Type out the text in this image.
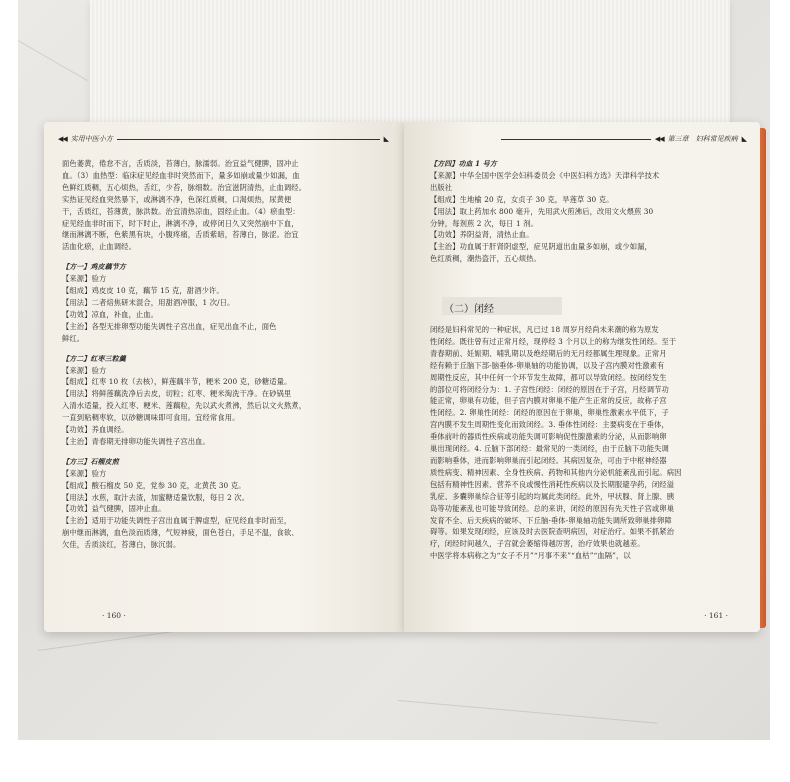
◀◀ 实用中医小方	◣
面色萎黄，倦怠不言，舌质淡，苔薄白，脉濡弱。治宜益气健脾，固冲止
血。（3）血热型：临床症见经血非时突然而下，量多如崩或量少如漏，血
色鲜红质稠，五心烦热，舌红，少苔，脉细数。治宜滋阴清热，止血调经。
实热证见经血突然暴下，或淋漓不净，色深红质稠，口渴烦热，尿黄便
干，舌质红，苔薄黄，脉洪数。治宜清热凉血，固经止血。（4）瘀血型：
症见经血非时而下，时下时止，淋漓不净，或停闭日久又突然崩中下血，
继而淋漓不断，色紫黑有块，小腹疼痛，舌质紫暗，苔薄白，脉涩。治宜
活血化瘀，止血调经。
【方一】鸡皮藕节方
【来源】验方
【组成】鸡皮皮 10 克，藕节 15 克，甜酒少许。
【用法】二者焙焦研末混合，用甜酒冲服，1 次/日。
【功效】凉血，补血，止血。
【主治】各型无排卵型功能失调性子宫出血，症见出血不止，面色
鲜红。
【方二】红枣三粒羹
【来源】验方
【组成】红枣 10 枚（去核），鲜莲藕半节，粳米 200 克，砂糖适量。
【用法】将鲜莲藕洗净后去皮，切粒；红枣、粳米淘洗干净。在砂锅里
入清水适量，投入红枣、粳米、莲藕粒，先以武火煮沸，然后以文火熬煮，
一直到粘稠枣软，以砂糖调味即可食用。宜经常食用。
【功效】养血调经。
【主治】青春期无排卵功能失调性子宫出血。
【方三】石榴皮煎
【来源】验方
【组成】酸石榴皮 50 克，党参 30 克，北黄芪 30 克。
【用法】水煎，取汁去渣，加蜜糖适量饮服，每日 2 次。
【功效】益气健脾，固冲止血。
【主治】适用于功能失调性子宫出血属于脾虚型，症见经血非时而至，
崩中继而淋漓，血色淡而质薄，气短神疲，面色苍白，手足不温，食欲、
欠佳，舌质淡红，苔薄白，脉沉弱。
· 160 ·
◀◀ 第三章　妇科常见疾病 ◣
【方四】功血 1 号方
【来源】中华全国中医学会妇科委员会《中医妇科方选》天津科学技术
出版社
【组成】生地榆 20 克，女贞子 30 克，旱莲草 30 克。
【用法】取上药加水 800 毫升，先用武火煎沸后，改用文火煨煎 30
分钟，每剂煎 2 次，每日 1 剂。
【功效】养阴益肾，清热止血。
【主治】功血属于肝肾阴虚型，症见阴道出血量多如崩，或少如漏，
色红质稠，潮热盗汗，五心烦热。
（二）闭经
闭经是妇科常见的一种症状，凡已过 18 周岁月经尚未来潮的称为原发
性闭经。既往曾有过正常月经，现停经 3 个月以上的称为继发性闭经。至于
青春期前、妊娠期、哺乳期以及绝经期后的无月经都属生理现象。正常月
经有赖于丘脑下部-脑垂体-卵巢轴的功能协调，以及子宫内膜对性激素有
周期性反应，其中任何一个环节发生故障，都可以导致闭经。按闭经发生
的部位可将闭经分为：1. 子宫性闭经：闭经的原因在于子宫，月经调节功
能正常，卵巢有功能，但子宫内膜对卵巢不能产生正常的反应，故称子宫
性闭经。2. 卵巢性闭经：闭经的原因在于卵巢，卵巢性激素水平低下，子
宫内膜不发生周期性变化而致闭经。3. 垂体性闭经：主要病变在于垂体，
垂体前叶的器质性疾病或功能失调可影响促性腺激素的分泌，从而影响卵
巢出现闭经。4. 丘脑下部闭经：最常见的一类闭经，由于丘脑下功能失调
而影响垂体，进而影响卵巢而引起闭经。其病因复杂，可由于中枢神经器
质性病变、精神因素、全身性疾病、药物和其他内分泌机能紊乱而引起。病因
包括有精神性因素、营养不良或慢性消耗性疾病以及长期服避孕药，闭经溢
乳症、多囊卵巢综合征等引起的均属此类闭经。此外，甲状腺、肾上腺、胰
岛等功能紊乱也可能导致闭经。总的来讲，闭经的原因有先天性子宫或卵巢
发育不全、后天疾病的破坏、下丘脑-垂体-卵巢轴功能失调所致卵巢排卵障
碍等。如果发现闭经，应该及时去医院查明病因，对症治疗。如果不抓紧治
疗，闭经时间越久，子宫就会萎缩得越厉害，治疗效果也就越差。
中医学将本病称之为“女子不月”“月事不来”“血枯”“血隔”，以
· 161 ·
